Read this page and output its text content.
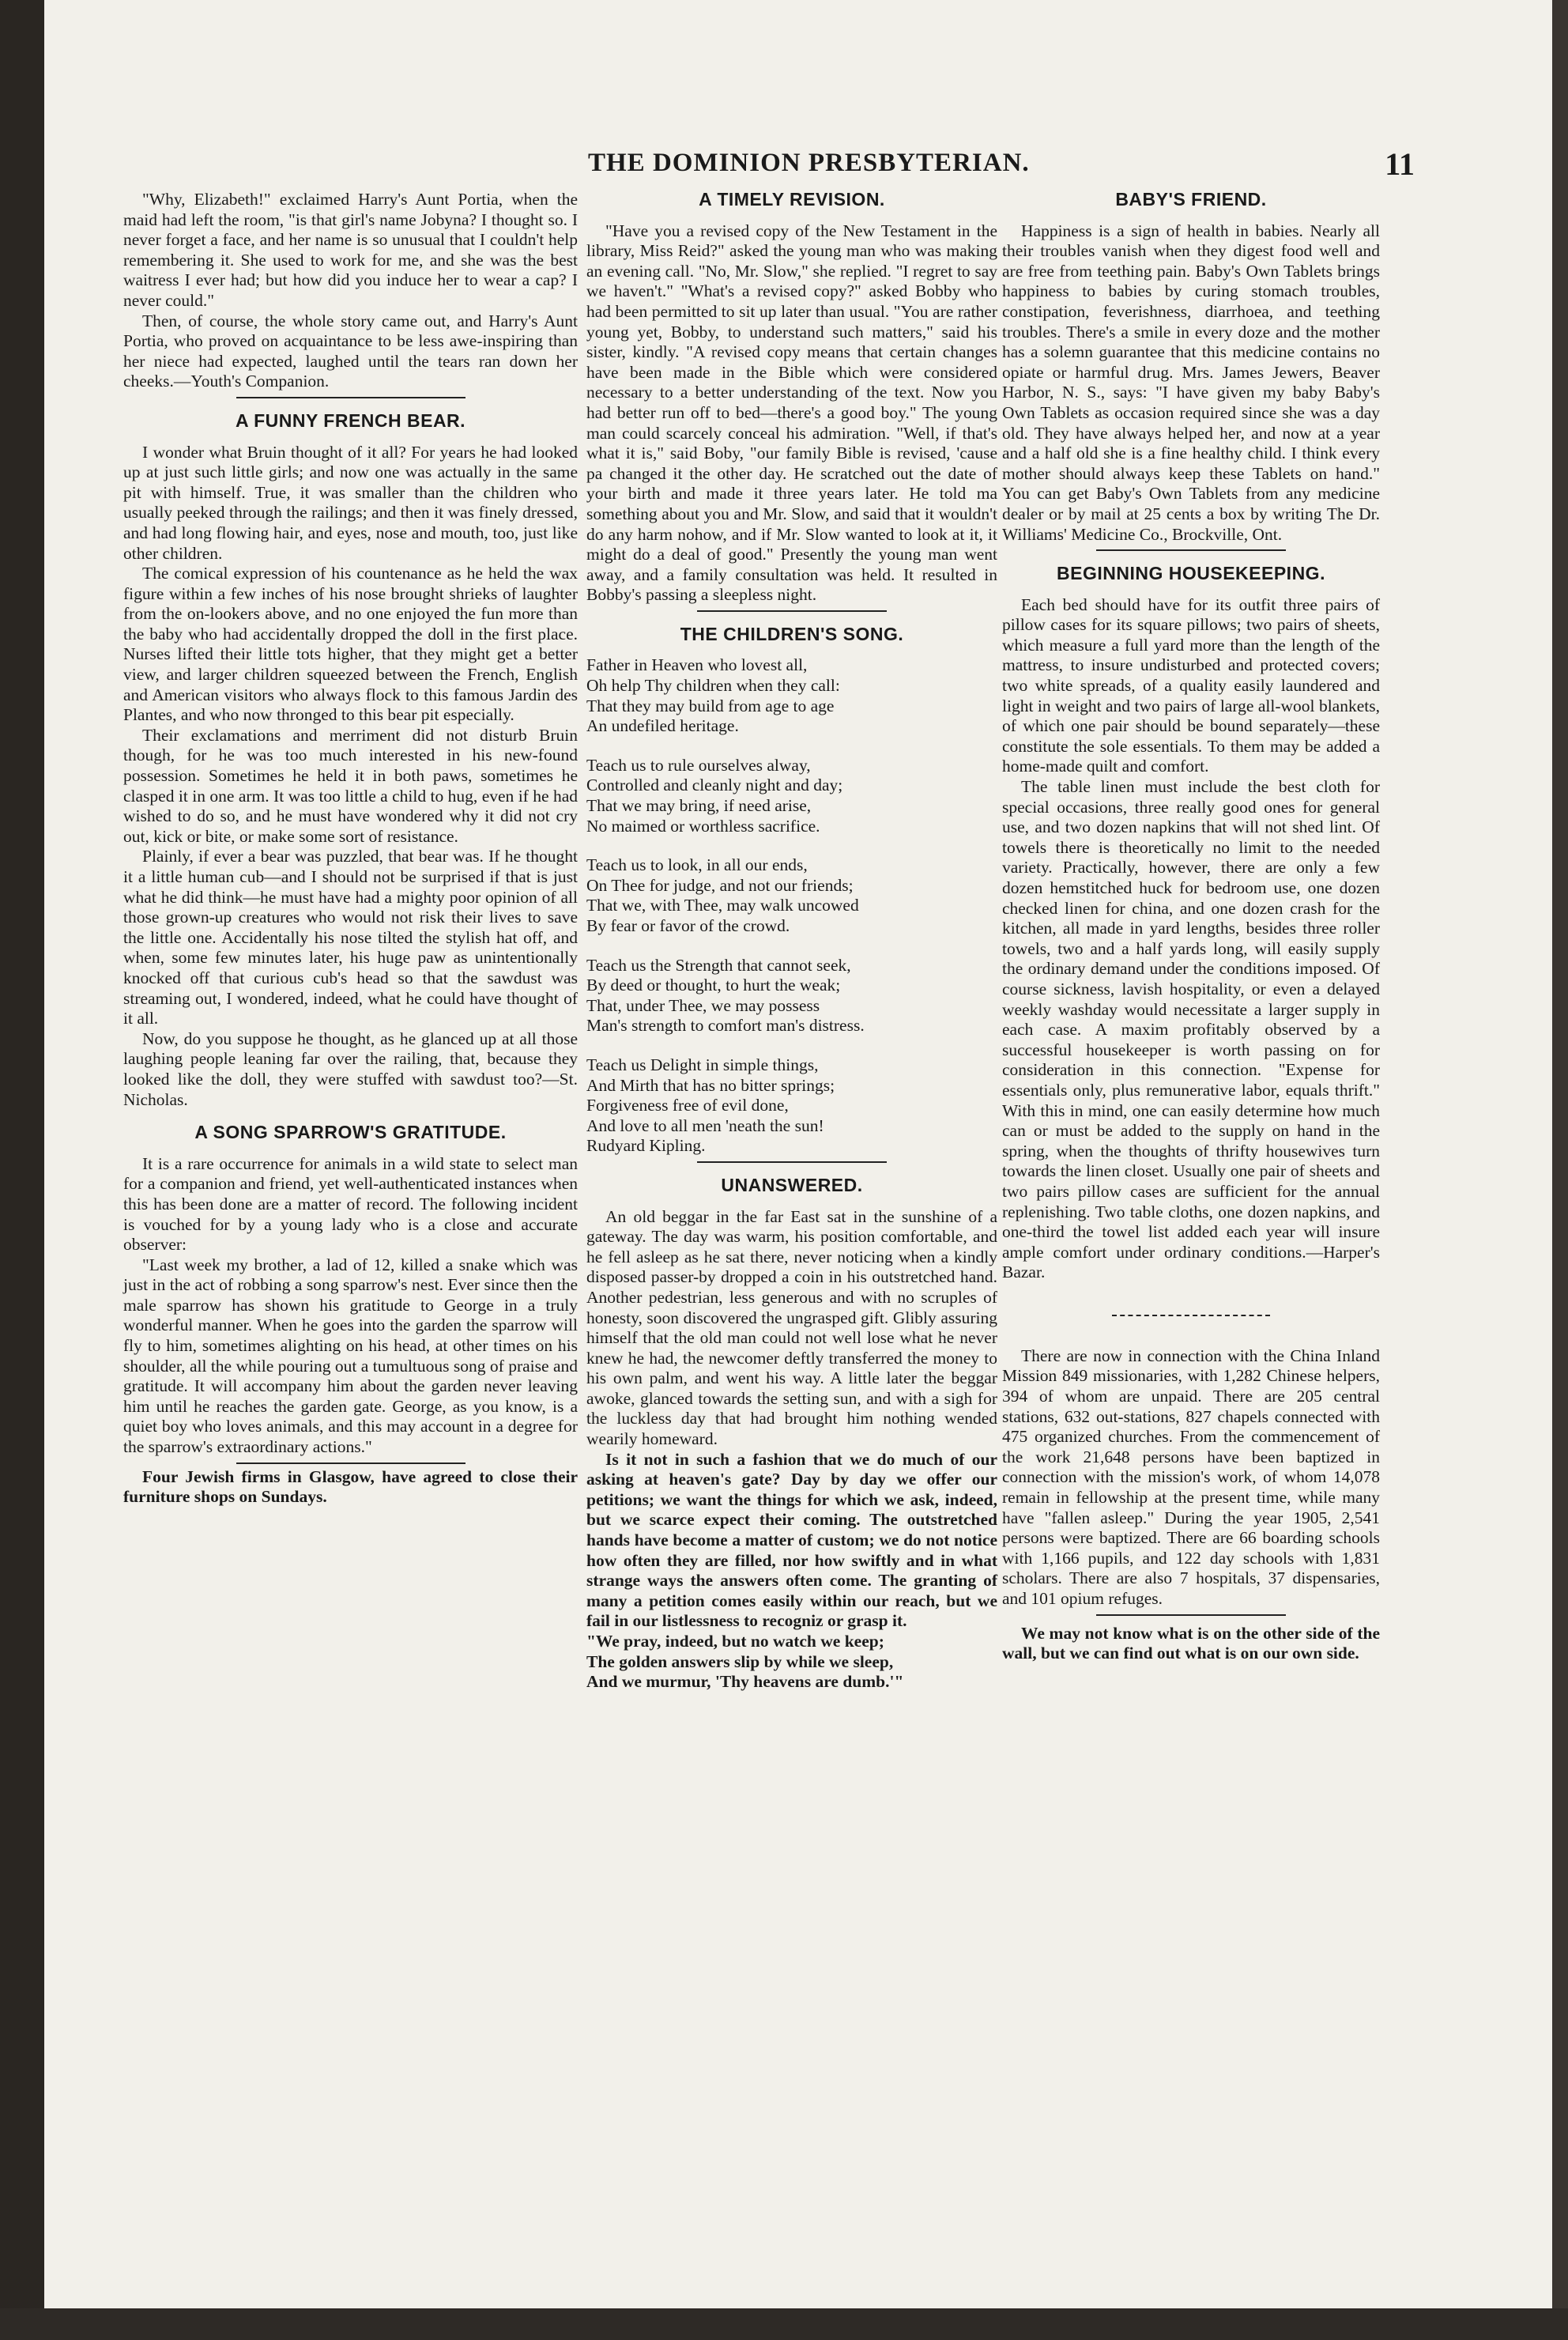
THE DOMINION PRESBYTERIAN.	11

"Why, Elizabeth!" exclaimed Harry's Aunt Portia, when the maid had left the room, "is that girl's name Jobyna? I thought so. I never forget a face, and her name is so unusual that I couldn't help remembering it. She used to work for me, and she was the best waitress I ever had; but how did you induce her to wear a cap? I never could."

Then, of course, the whole story came out, and Harry's Aunt Portia, who proved on acquaintance to be less awe-inspiring than her niece had expected, laughed until the tears ran down her cheeks.—Youth's Companion.

A FUNNY FRENCH BEAR.

I wonder what Bruin thought of it all? For years he had looked up at just such little girls; and now one was actually in the same pit with himself. True, it was smaller than the children who usually peeked through the railings; and then it was finely dressed, and had long flowing hair, and eyes, nose and mouth, too, just like other children.

The comical expression of his countenance as he held the wax figure within a few inches of his nose brought shrieks of laughter from the on-lookers above, and no one enjoyed the fun more than the baby who had accidentally dropped the doll in the first place. Nurses lifted their little tots higher, that they might get a better view, and larger children squeezed between the French, English and American visitors who always flock to this famous Jardin des Plantes, and who now thronged to this bear pit especially.

Their exclamations and merriment did not disturb Bruin though, for he was too much interested in his new-found possession. Sometimes he held it in both paws, sometimes he clasped it in one arm. It was too little a child to hug, even if he had wished to do so, and he must have wondered why it did not cry out, kick or bite, or make some sort of resistance.

Plainly, if ever a bear was puzzled, that bear was. If he thought it a little human cub—and I should not be surprised if that is just what he did think—he must have had a mighty poor opinion of all those grown-up creatures who would not risk their lives to save the little one. Accidentally his nose tilted the stylish hat off, and when, some few minutes later, his huge paw as unintentionally knocked off that curious cub's head so that the sawdust was streaming out, I wondered, indeed, what he could have thought of it all.

Now, do you suppose he thought, as he glanced up at all those laughing people leaning far over the railing, that, because they looked like the doll, they were stuffed with sawdust too?—St. Nicholas.

A SONG SPARROW'S GRATITUDE.

It is a rare occurrence for animals in a wild state to select man for a companion and friend, yet well-authenticated instances when this has been done are a matter of record. The following incident is vouched for by a young lady who is a close and accurate observer:

"Last week my brother, a lad of 12, killed a snake which was just in the act of robbing a song sparrow's nest. Ever since then the male sparrow has shown his gratitude to George in a truly wonderful manner. When he goes into the garden the sparrow will fly to him, sometimes alighting on his head, at other times on his shoulder, all the while pouring out a tumultuous song of praise and gratitude. It will accompany him about the garden never leaving him until he reaches the garden gate. George, as you know, is a quiet boy who loves animals, and this may account in a degree for the sparrow's extraordinary actions."

Four Jewish firms in Glasgow, have agreed to close their furniture shops on Sundays.

A TIMELY REVISION.

"Have you a revised copy of the New Testament in the library, Miss Reid?" asked the young man who was making an evening call. "No, Mr. Slow," she replied. "I regret to say we haven't." "What's a revised copy?" asked Bobby who had been permitted to sit up later than usual. "You are rather young yet, Bobby, to understand such matters," said his sister, kindly. "A revised copy means that certain changes have been made in the Bible which were considered necessary to a better understanding of the text. Now you had better run off to bed—there's a good boy." The young man could scarcely conceal his admiration. "Well, if that's what it is," said Boby, "our family Bible is revised, 'cause pa changed it the other day. He scratched out the date of your birth and made it three years later. He told ma something about you and Mr. Slow, and said that it wouldn't do any harm nohow, and if Mr. Slow wanted to look at it, it might do a deal of good." Presently the young man went away, and a family consultation was held. It resulted in Bobby's passing a sleepless night.

THE CHILDREN'S SONG.

Father in Heaven who lovest all,

Oh help Thy children when they call:

That they may build from age to age

An undefiled heritage.

Teach us to rule ourselves alway,

Controlled and cleanly night and day;

That we may bring, if need arise,

No maimed or worthless sacrifice.

Teach us to look, in all our ends,

On Thee for judge, and not our friends;

That we, with Thee, may walk uncowed

By fear or favor of the crowd.

Teach us the Strength that cannot seek,

By deed or thought, to hurt the weak;

That, under Thee, we may possess

Man's strength to comfort man's distress.

Teach us Delight in simple things,

And Mirth that has no bitter springs;

Forgiveness free of evil done,

And love to all men 'neath the sun!

Rudyard Kipling.

UNANSWERED.

An old beggar in the far East sat in the sunshine of a gateway. The day was warm, his position comfortable, and he fell asleep as he sat there, never noticing when a kindly disposed passer-by dropped a coin in his outstretched hand. Another pedestrian, less generous and with no scruples of honesty, soon discovered the ungrasped gift. Glibly assuring himself that the old man could not well lose what he never knew he had, the newcomer deftly transferred the money to his own palm, and went his way. A little later the beggar awoke, glanced towards the setting sun, and with a sigh for the luckless day that had brought him nothing wended wearily homeward.

Is it not in such a fashion that we do much of our asking at heaven's gate? Day by day we offer our petitions; we want the things for which we ask, indeed, but we scarce expect their coming. The outstretched hands have become a matter of custom; we do not notice how often they are filled, nor how swiftly and in what strange ways the answers often come. The granting of many a petition comes easily within our reach, but we fail in our listlessness to recogniz or grasp it.

"We pray, indeed, but no watch we keep;

The golden answers slip by while we sleep,

And we murmur, 'Thy heavens are dumb.'"

BABY'S FRIEND.

Happiness is a sign of health in babies. Nearly all their troubles vanish when they digest food well and are free from teething pain. Baby's Own Tablets brings happiness to babies by curing stomach troubles, constipation, feverishness, diarrhoea, and teething troubles. There's a smile in every doze and the mother has a solemn guarantee that this medicine contains no opiate or harmful drug. Mrs. James Jewers, Beaver Harbor, N. S., says: "I have given my baby Baby's Own Tablets as occasion required since she was a day old. They have always helped her, and now at a year and a half old she is a fine healthy child. I think every mother should always keep these Tablets on hand." You can get Baby's Own Tablets from any medicine dealer or by mail at 25 cents a box by writing The Dr. Williams' Medicine Co., Brockville, Ont.

BEGINNING HOUSEKEEPING.

Each bed should have for its outfit three pairs of pillow cases for its square pillows; two pairs of sheets, which measure a full yard more than the length of the mattress, to insure undisturbed and protected covers; two white spreads, of a quality easily laundered and light in weight and two pairs of large all-wool blankets, of which one pair should be bound separately—these constitute the sole essentials. To them may be added a home-made quilt and comfort.

The table linen must include the best cloth for special occasions, three really good ones for general use, and two dozen napkins that will not shed lint. Of towels there is theoretically no limit to the needed variety. Practically, however, there are only a few dozen hemstitched huck for bedroom use, one dozen checked linen for china, and one dozen crash for the kitchen, all made in yard lengths, besides three roller towels, two and a half yards long, will easily supply the ordinary demand under the conditions imposed. Of course sickness, lavish hospitality, or even a delayed weekly washday would necessitate a larger supply in each case. A maxim profitably observed by a successful housekeeper is worth passing on for consideration in this connection. "Expense for essentials only, plus remunerative labor, equals thrift." With this in mind, one can easily determine how much can or must be added to the supply on hand in the spring, when the thoughts of thrifty housewives turn towards the linen closet. Usually one pair of sheets and two pairs pillow cases are sufficient for the annual replenishing. Two table cloths, one dozen napkins, and one-third the towel list added each year will insure ample comfort under ordinary conditions.—Harper's Bazar.

There are now in connection with the China Inland Mission 849 missionaries, with 1,282 Chinese helpers, 394 of whom are unpaid. There are 205 central stations, 632 out-stations, 827 chapels connected with 475 organized churches. From the commencement of the work 21,648 persons have been baptized in connection with the mission's work, of whom 14,078 remain in fellowship at the present time, while many have "fallen asleep." During the year 1905, 2,541 persons were baptized. There are 66 boarding schools with 1,166 pupils, and 122 day schools with 1,831 scholars. There are also 7 hospitals, 37 dispensaries, and 101 opium refuges.

We may not know what is on the other side of the wall, but we can find out what is on our own side.
